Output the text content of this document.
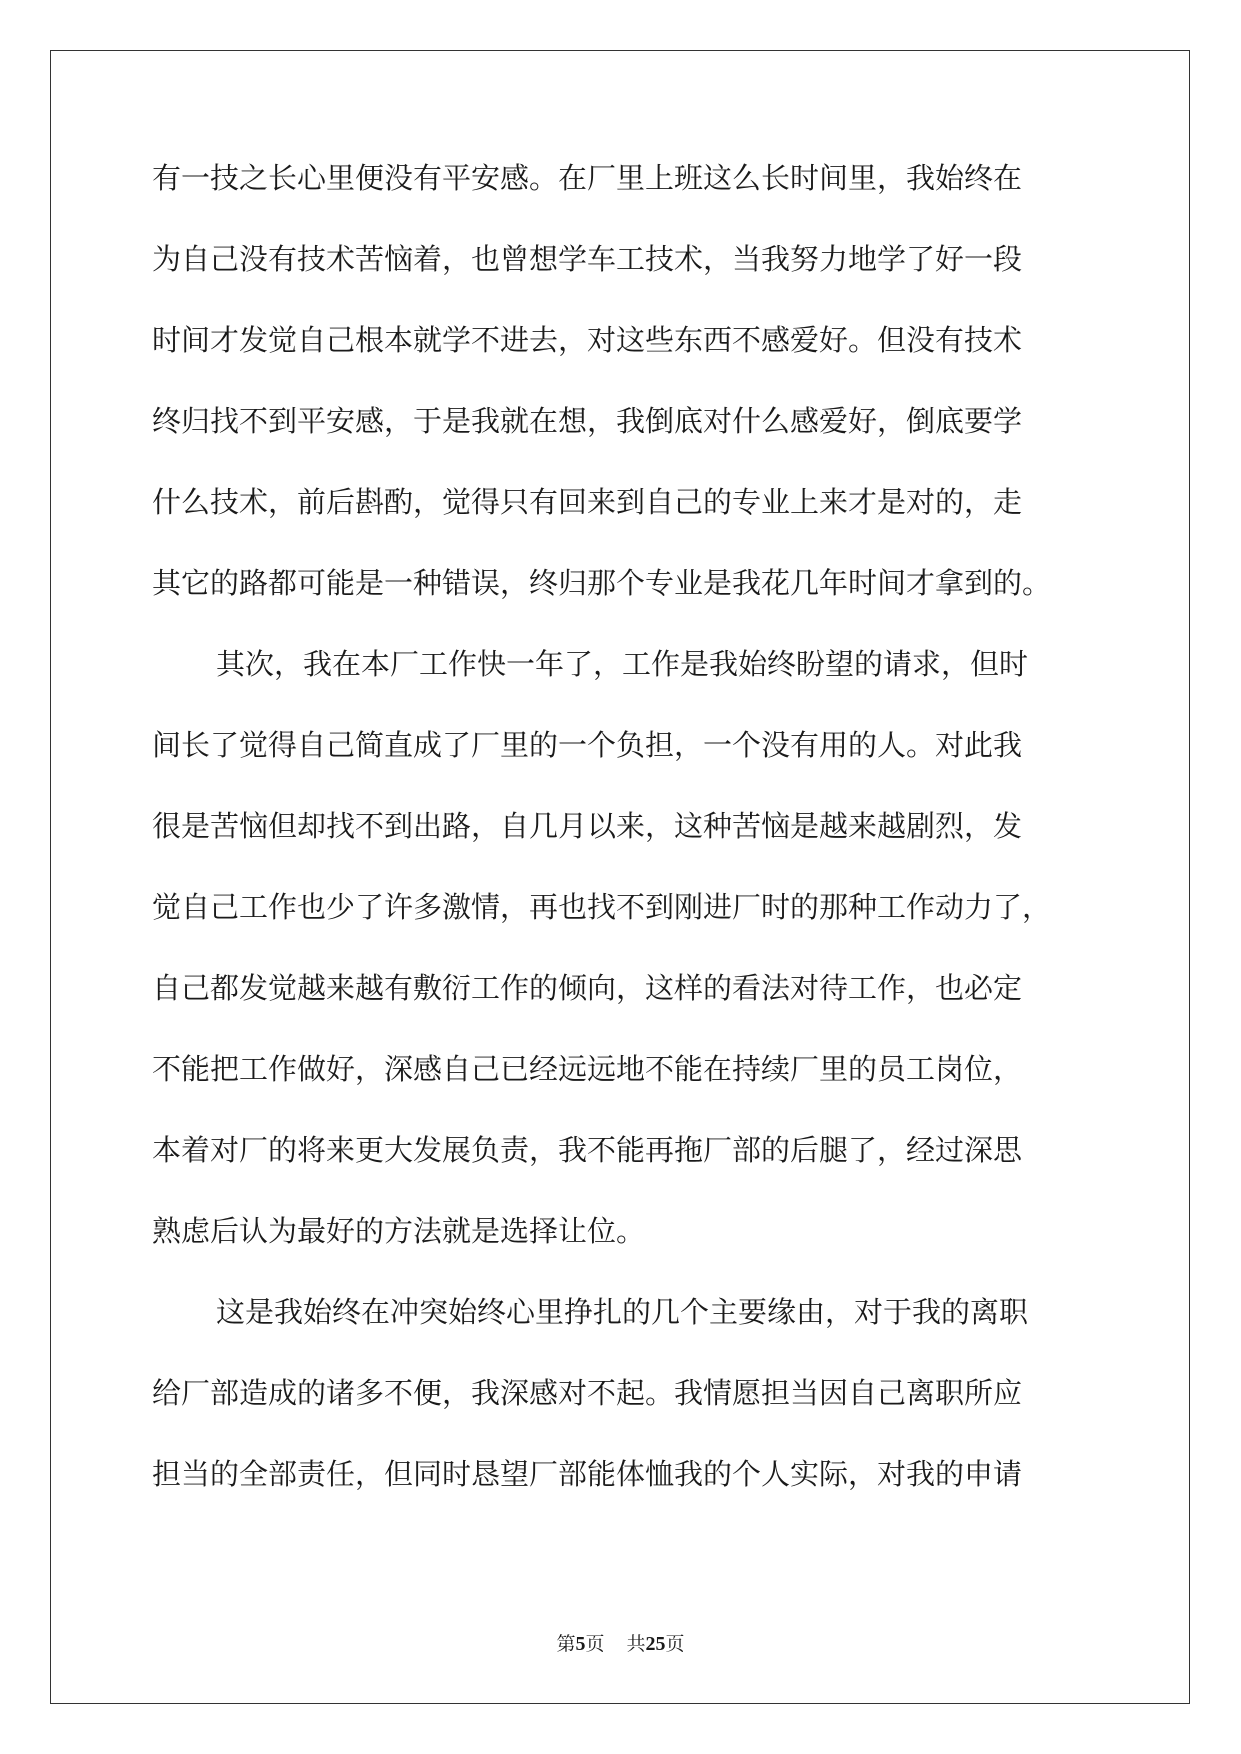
有一技之长心里便没有平安感。在厂里上班这么长时间里，我始终在
为自己没有技术苦恼着，也曾想学车工技术，当我努力地学了好一段
时间才发觉自己根本就学不进去，对这些东西不感爱好。但没有技术
终归找不到平安感，于是我就在想，我倒底对什么感爱好，倒底要学
什么技术，前后斟酌，觉得只有回来到自己的专业上来才是对的，走
其它的路都可能是一种错误，终归那个专业是我花几年时间才拿到的。
其次，我在本厂工作快一年了，工作是我始终盼望的请求，但时
间长了觉得自己简直成了厂里的一个负担，一个没有用的人。对此我
很是苦恼但却找不到出路，自几月以来，这种苦恼是越来越剧烈，发
觉自己工作也少了许多激情，再也找不到刚进厂时的那种工作动力了，
自己都发觉越来越有敷衍工作的倾向，这样的看法对待工作，也必定
不能把工作做好，深感自己已经远远地不能在持续厂里的员工岗位，
本着对厂的将来更大发展负责，我不能再拖厂部的后腿了，经过深思
熟虑后认为最好的方法就是选择让位。
这是我始终在冲突始终心里挣扎的几个主要缘由，对于我的离职
给厂部造成的诸多不便，我深感对不起。我情愿担当因自己离职所应
担当的全部责任，但同时恳望厂部能体恤我的个人实际，对我的申请
第5页 共25页
